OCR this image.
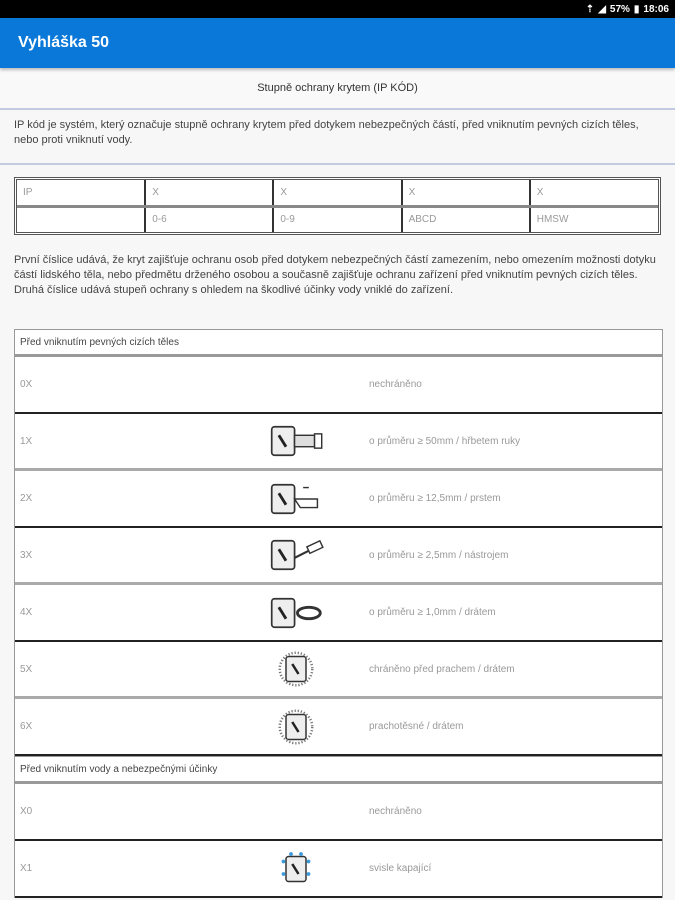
⇡ ◢ 57% ▮ 18:06
Vyhláška 50
Stupně ochrany krytem (IP KÓD)
IP kód je systém, který označuje stupně ochrany krytem před dotykem nebezpečných částí, před vniknutím pevných cizích těles, nebo proti vniknutí vody.
IP	X	X	X	X
	0-6	0-9	ABCD	HMSW
První číslice udává, že kryt zajišťuje ochranu osob před dotykem nebezpečných částí zamezením, nebo omezením možnosti dotyku částí lidského těla, nebo předmětu drženého osobou a současně zajišťuje ochranu zařízení před vniknutím pevných cizích těles. Druhá číslice udává stupeň ochrany s ohledem na škodlivé účinky vody vniklé do zařízení.
Před vniknutím pevných cizích těles
0X	nechráněno
1X	o průměru ≥ 50mm / hřbetem ruky
2X	o průměru ≥ 12,5mm / prstem
3X	o průměru ≥ 2,5mm / nástrojem
4X	o průměru ≥ 1,0mm / drátem
5X	chráněno před prachem / drátem
6X	prachotěsné / drátem
Před vniknutím vody a nebezpečnými účinky
X0	nechráněno
X1	svisle kapající
